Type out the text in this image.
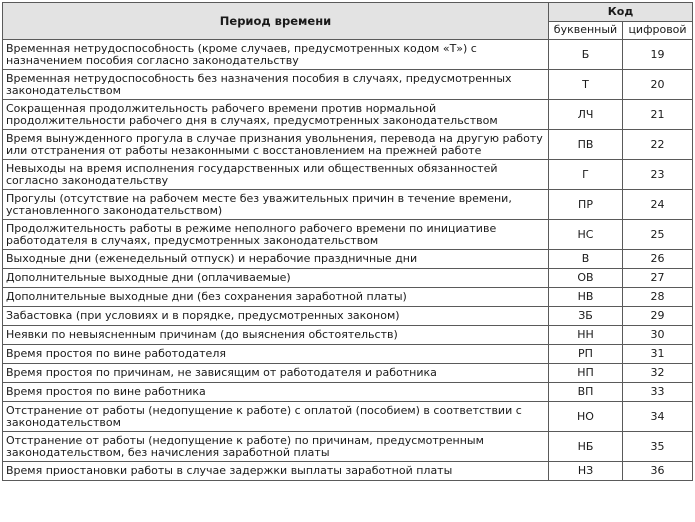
Период времени	Код	
	буквенный	цифровой
Временная нетрудоспособность (кроме случаев, предусмотренных кодом «Т») с назначением пособия согласно законодательству	Б	19
Временная нетрудоспособность без назначения пособия в случаях, предусмотренных законодательством	Т	20
Сокращенная продолжительность рабочего времени против нормальной продолжительности рабочего дня в случаях, предусмотренных законодательством	ЛЧ	21
Время вынужденного прогула в случае признания увольнения, перевода на другую работу или отстранения от работы незаконными с восстановлением на прежней работе	ПВ	22
Невыходы на время исполнения государственных или общественных обязанностей согласно законодательству	Г	23
Прогулы (отсутствие на рабочем месте без уважительных причин в течение времени, установленного законодательством)	ПР	24
Продолжительность работы в режиме неполного рабочего времени по инициативе работодателя в случаях, предусмотренных законодательством	НС	25
Выходные дни (еженедельный отпуск) и нерабочие праздничные дни	В	26
Дополнительные выходные дни (оплачиваемые)	ОВ	27
Дополнительные выходные дни (без сохранения заработной платы)	НВ	28
Забастовка (при условиях и в порядке, предусмотренных законом)	ЗБ	29
Неявки по невыясненным причинам (до выяснения обстоятельств)	НН	30
Время простоя по вине работодателя	РП	31
Время простоя по причинам, не зависящим от работодателя и работника	НП	32
Время простоя по вине работника	ВП	33
Отстранение от работы (недопущение к работе) с оплатой (пособием) в соответствии с законодательством	НО	34
Отстранение от работы (недопущение к работе) по причинам, предусмотренным законодательством, без начисления заработной платы	НБ	35
Время приостановки работы в случае задержки выплаты заработной платы	НЗ	36
